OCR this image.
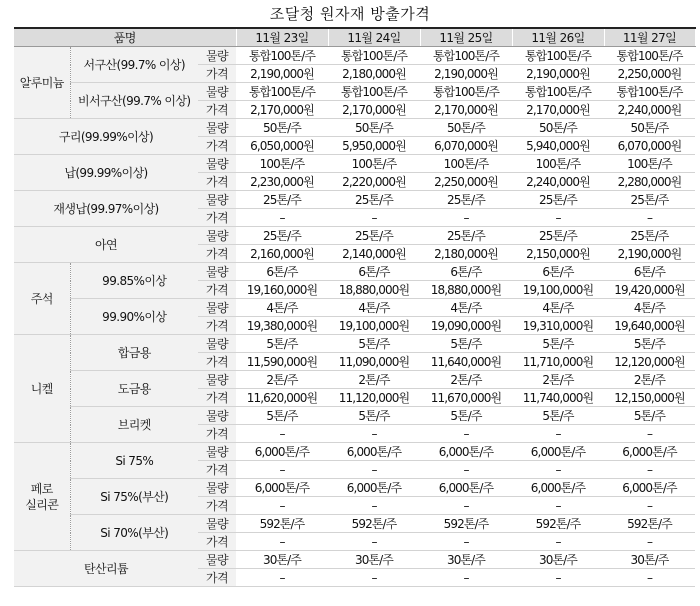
조달청 원자재 방출가격
품명			11월 23일	11월 24일	11월 25일	11월 26일	11월 27일
알루미늄	서구산(99.7% 이상)	물량	통합100톤/주	통합100톤/주	통합100톤/주	통합100톤/주	통합100톤/주
		가격	2,190,000원	2,180,000원	2,190,000원	2,190,000원	2,250,000원
	비서구산(99.7% 이상)	물량	통합100톤/주	통합100톤/주	통합100톤/주	통합100톤/주	통합100톤/주
		가격	2,170,000원	2,170,000원	2,170,000원	2,170,000원	2,240,000원
구리(99.99%이상)		물량	50톤/주	50톤/주	50톤/주	50톤/주	50톤/주
		가격	6,050,000원	5,950,000원	6,070,000원	5,940,000원	6,070,000원
납(99.99%이상)		물량	100톤/주	100톤/주	100톤/주	100톤/주	100톤/주
		가격	2,230,000원	2,220,000원	2,250,000원	2,240,000원	2,280,000원
재생납(99.97%이상)		물량	25톤/주	25톤/주	25톤/주	25톤/주	25톤/주
		가격	–	–	–	–	–
아연		물량	25톤/주	25톤/주	25톤/주	25톤/주	25톤/주
		가격	2,160,000원	2,140,000원	2,180,000원	2,150,000원	2,190,000원
주석	99.85%이상	물량	6톤/주	6톤/주	6톤/주	6톤/주	6톤/주
		가격	19,160,000원	18,880,000원	18,880,000원	19,100,000원	19,420,000원
	99.90%이상	물량	4톤/주	4톤/주	4톤/주	4톤/주	4톤/주
		가격	19,380,000원	19,100,000원	19,090,000원	19,310,000원	19,640,000원
니켈	합금용	물량	5톤/주	5톤/주	5톤/주	5톤/주	5톤/주
		가격	11,590,000원	11,090,000원	11,640,000원	11,710,000원	12,120,000원
	도금용	물량	2톤/주	2톤/주	2톤/주	2톤/주	2톤/주
		가격	11,620,000원	11,120,000원	11,670,000원	11,740,000원	12,150,000원
	브리켓	물량	5톤/주	5톤/주	5톤/주	5톤/주	5톤/주
		가격	–	–	–	–	–
페로
실리콘	Si 75%	물량	6,000톤/주	6,000톤/주	6,000톤/주	6,000톤/주	6,000톤/주
		가격	–	–	–	–	–
	Si 75%(부산)	물량	6,000톤/주	6,000톤/주	6,000톤/주	6,000톤/주	6,000톤/주
		가격	–	–	–	–	–
	Si 70%(부산)	물량	592톤/주	592톤/주	592톤/주	592톤/주	592톤/주
		가격	–	–	–	–	–
탄산리튬		물량	30톤/주	30톤/주	30톤/주	30톤/주	30톤/주
		가격	–	–	–	–	–
